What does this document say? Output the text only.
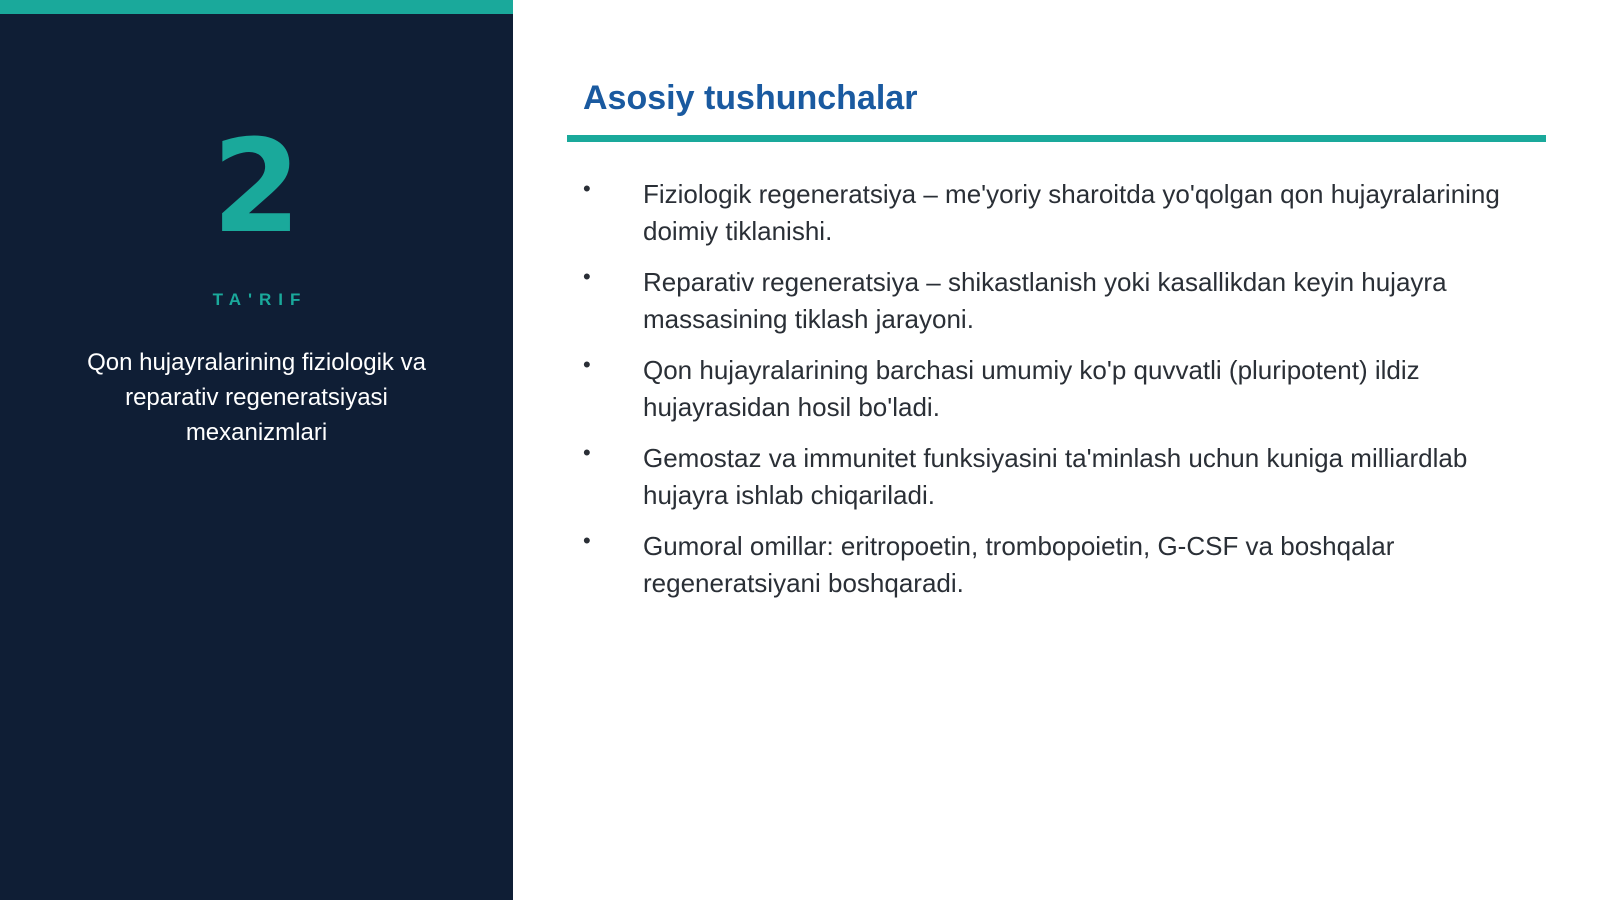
2
TA'RIF
Qon hujayralarining fiziologik va reparativ regeneratsiyasi mexanizmlari
Asosiy tushunchalar
• Fiziologik regeneratsiya – me'yoriy sharoitda yo'qolgan qon hujayralarining doimiy tiklanishi.
• Reparativ regeneratsiya – shikastlanish yoki kasallikdan keyin hujayra massasining tiklash jarayoni.
• Qon hujayralarining barchasi umumiy ko'p quvvatli (pluripotent) ildiz hujayrasidan hosil bo'ladi.
• Gemostaz va immunitet funksiyasini ta'minlash uchun kuniga milliardlab hujayra ishlab chiqariladi.
• Gumoral omillar: eritropoetin, trombopoietin, G-CSF va boshqalar regeneratsiyani boshqaradi.
